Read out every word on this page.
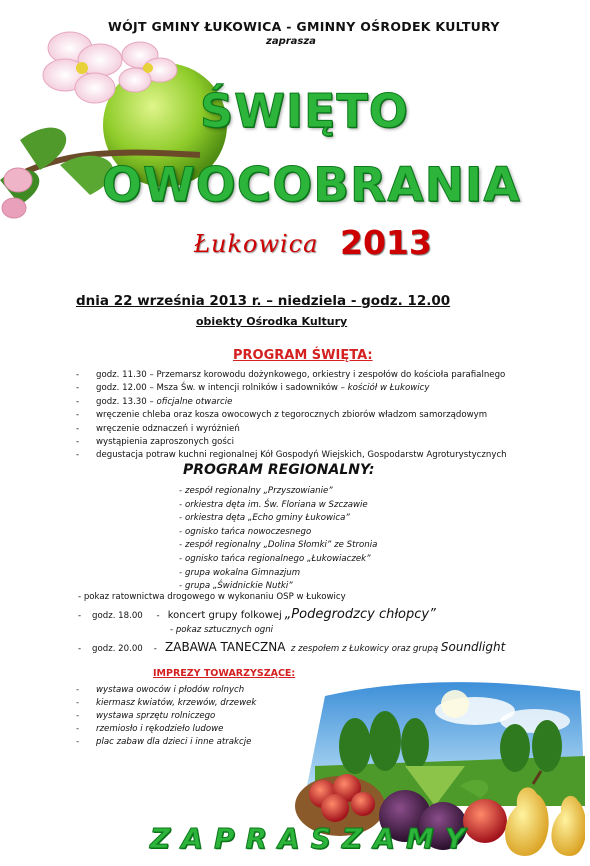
WÓJT GMINY ŁUKOWICA - GMINNY OŚRODEK KULTURY
zaprasza
ŚWIĘTO
OWOCOBRANIA
Łukowica 2013
dnia 22 września 2013 r. – niedziela - godz. 12.00
obiekty Ośrodka Kultury
PROGRAM ŚWIĘTA:
- godz. 11.30 – Przemarsz korowodu dożynkowego, orkiestry i zespołów do kościoła parafialnego
- godz. 12.00 – Msza Św. w intencji rolników i sadowników – kościół w Łukowicy
- godz. 13.30 – oficjalne otwarcie
- wręczenie chleba oraz kosza owocowych z tegorocznych zbiorów władzom samorządowym
- wręczenie odznaczeń i wyróżnień
- wystąpienia zaproszonych gości
- degustacja potraw kuchni regionalnej Kół Gospodyń Wiejskich, Gospodarstw Agroturystycznych
PROGRAM REGIONALNY:
- zespół regionalny „Przyszowianie”
- orkiestra dęta im. Św. Floriana w Szczawie
- orkiestra dęta „Echo gminy Łukowica”
- ognisko tańca nowoczesnego
- zespół regionalny „Dolina Słomki” ze Stronia
- ognisko tańca regionalnego „Łukowiaczek”
- grupa wokalna Gimnazjum
- grupa „Świdnickie Nutki”
- pokaz ratownictwa drogowego w wykonaniu OSP w Łukowicy
-    godz. 18.00     -   koncert grupy folkowej „Podegrodzcy chłopcy”
- pokaz sztucznych ogni
-    godz. 20.00    -   ZABAWA TANECZNA z zespołem z Łukowicy oraz grupą Soundlight
IMPREZY TOWARZYSZĄCE:
- wystawa owoców i płodów rolnych
- kiermasz kwiatów, krzewów, drzewek
- wystawa sprzętu rolniczego
- rzemiosło i rękodzieło ludowe
- plac zabaw dla dzieci i inne atrakcje
ZAPRASZAMY
